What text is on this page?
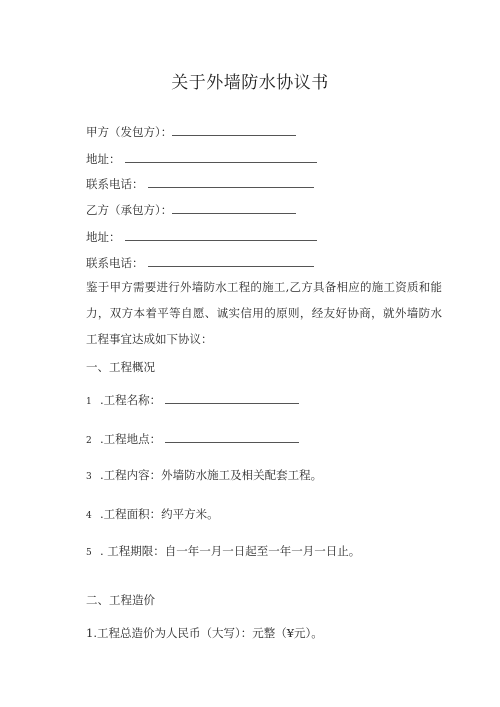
关于外墙防水协议书
甲方（发包方）：
地址：
联系电话：
乙方（承包方）：
地址：
联系电话：
鉴于甲方需要进行外墙防水工程的施工,乙方具备相应的施工资质和能力，双方本着平等自愿、诚实信用的原则，经友好协商，就外墙防水工程事宜达成如下协议：
一、工程概况
1 .工程名称：
2 .工程地点：
3 .工程内容：外墙防水施工及相关配套工程。
4 .工程面积：约平方米。
5 . 工程期限：自一年一月一日起至一年一月一日止。
二、工程造价
1.工程总造价为人民币（大写）：元整（¥元）。
